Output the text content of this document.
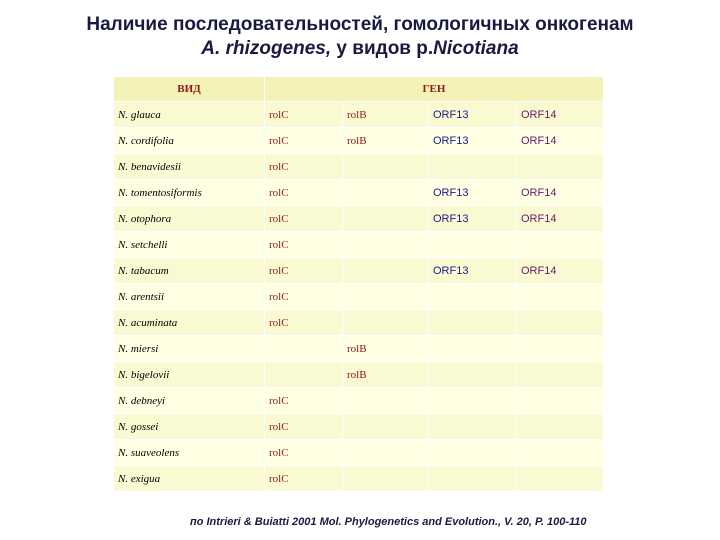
Наличие последовательностей, гомологичных онкогенам
A. rhizogenes, у видов р.Nicotiana
ВИД	ГЕН			
N. glauca	rolC	rolB	ORF13	ORF14
N. cordifolia	rolC	rolB	ORF13	ORF14
N. benavidesii	rolC			
N. tomentosiformis	rolC		ORF13	ORF14
N. otophora	rolC		ORF13	ORF14
N. setchelli	rolC			
N. tabacum	rolC		ORF13	ORF14
N. arentsii	rolC			
N. acuminata	rolC			
N. miersi		rolB		
N. bigelovii		rolB		
N. debneyi	rolC			
N. gossei	rolC			
N. suaveolens	rolC			
N. exigua	rolC			
по Intrieri & Buiatti 2001 Mol. Phylogenetics and Evolution., V. 20, P. 100-110
